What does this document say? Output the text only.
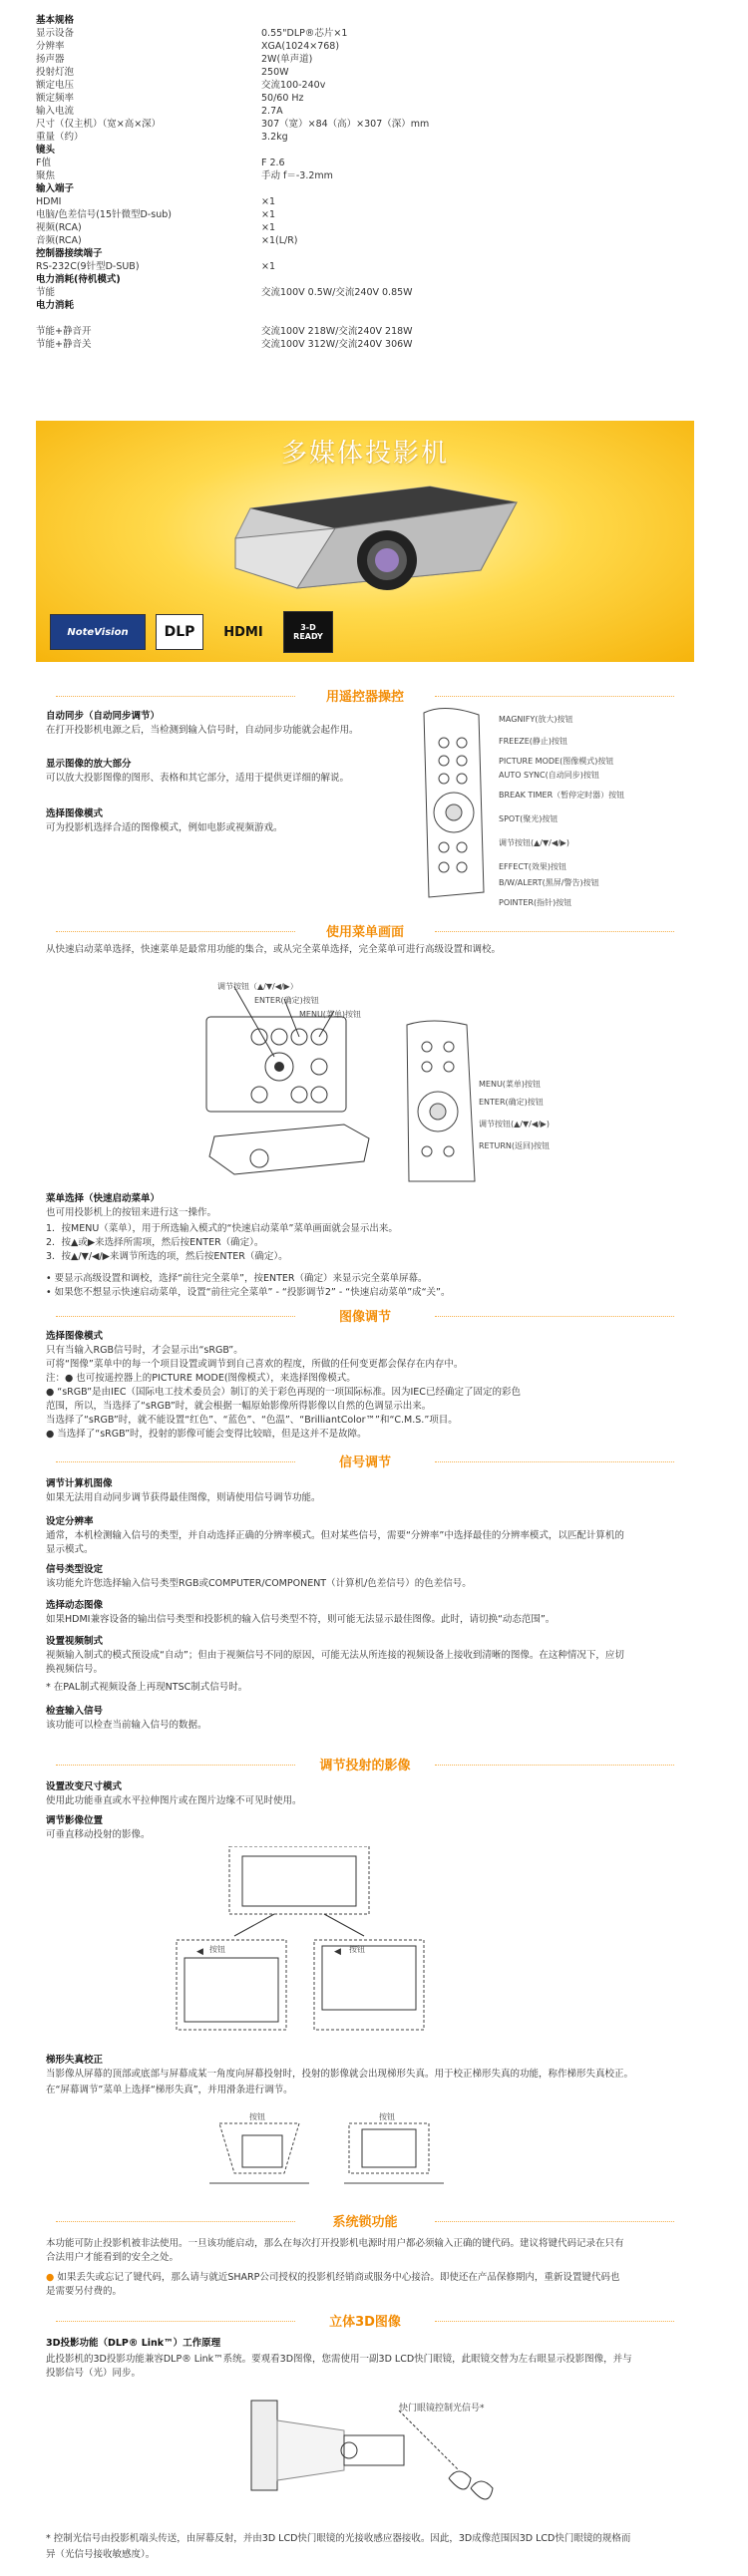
基本规格
显示设备	0.55"DLP®芯片×1
分辨率	XGA(1024×768)
扬声器	2W(单声道)
投射灯泡	250W
额定电压	交流100-240v
额定频率	50/60 Hz
输入电流	2.7A
尺寸（仅主机）（宽×高×深）	307（宽）×84（高）×307（深）mm
重量（约）	3.2kg
镜头
F值	F 2.6
聚焦	手动 f＝-3.2mm
输入端子
HDMI	×1
电脑/色差信号(15针微型D-sub)	×1
视频(RCA)	×1
音频(RCA)	×1(L/R)
控制器接续端子
RS-232C(9针型D-SUB)	×1
电力消耗(待机模式)
节能	交流100V 0.5W/交流240V 0.85W
电力消耗
节能+静音开	交流100V 218W/交流240V 218W
节能+静音关	交流100V 312W/交流240V 306W
多媒体投影机
NoteVision	DLP	HDMI	3-D READY
用遥控器操控
自动同步（自动同步调节）
在打开投影机电源之后，当检测到输入信号时，自动同步功能就会起作用。
显示图像的放大部分
可以放大投影图像的图形、表格和其它部分，适用于提供更详细的解说。
选择图像模式
可为投影机选择合适的图像模式，例如电影或视频游戏。
MAGNIFY(放大)按钮
FREEZE(静止)按钮
PICTURE MODE(图像模式)按钮
AUTO SYNC(自动同步)按钮
BREAK TIMER（暂停定时器）按钮
SPOT(聚光)按钮
调节按钮(▲/▼/◀/▶)
EFFECT(效果)按钮
B/W/ALERT(黑屏/警告)按钮
POINTER(指针)按钮
使用菜单画面
从快速启动菜单选择，快速菜单是最常用功能的集合，或从完全菜单选择，完全菜单可进行高级设置和调校。
调节按钮（▲/▼/◀/▶）
ENTER(确定)按钮
MENU(菜单)按钮
MENU(菜单)按钮
ENTER(确定)按钮
调节按钮(▲/▼/◀/▶)
RETURN(返回)按钮
菜单选择（快速启动菜单）
也可用投影机上的按钮来进行这一操作。
1．按MENU（菜单），用于所选输入模式的“快速启动菜单”菜单画面就会显示出来。
2．按▲或▶来选择所需项，然后按ENTER（确定）。
3．按▲/▼/◀/▶来调节所选的项，然后按ENTER（确定）。
• 要显示高级设置和调校，选择“前往完全菜单”，按ENTER（确定）来显示完全菜单屏幕。
• 如果您不想显示快速启动菜单，设置“前往完全菜单” - “投影调节2” - “快速启动菜单”成“关”。
图像调节
选择图像模式
只有当输入RGB信号时，才会显示出“sRGB”。
可将“图像”菜单中的每一个项目设置或调节到自己喜欢的程度，所做的任何变更都会保存在内存中。
注：● 也可按遥控器上的PICTURE MODE(图像模式），来选择图像模式。
● “sRGB”是由IEC（国际电工技术委员会）制订的关于彩色再现的一项国际标准。因为IEC已经确定了固定的彩色
范围，所以，当选择了“sRGB”时，就会根据一幅原始影像所得影像以自然的色调显示出来。
当选择了“sRGB”时，就不能设置“红色”、“蓝色”、“色温”、“BrilliantColor™”和“C.M.S.”项目。
● 当选择了“sRGB”时，投射的影像可能会变得比较暗，但是这并不是故障。
信号调节
调节计算机图像
如果无法用自动同步调节获得最佳图像，则请使用信号调节功能。
设定分辨率
通常，本机检测输入信号的类型，并自动选择正确的分辨率模式。但对某些信号，需要“分辨率”中选择最佳的分辨率模式，以匹配计算机的
显示模式。
信号类型设定
该功能允许您选择输入信号类型RGB或COMPUTER/COMPONENT（计算机/色差信号）的色差信号。
选择动态图像
如果HDMI兼容设备的输出信号类型和投影机的输入信号类型不符，则可能无法显示最佳图像。此时，请切换“动态范围”。
设置视频制式
视频输入制式的模式预设成“自动”；但由于视频信号不同的原因，可能无法从所连接的视频设备上接收到清晰的图像。在这种情况下，应切
换视频信号。
* 在PAL制式视频设备上再现NTSC制式信号时。
检查输入信号
该功能可以检查当前输入信号的数据。
调节投射的影像
设置改变尺寸模式
使用此功能垂直或水平拉伸图片或在图片边缘不可见时使用。
调节影像位置
可垂直移动投射的影像。
◀	◀
按钮	按钮
梯形失真校正
当影像从屏幕的顶部或底部与屏幕成某一角度向屏幕投射时，投射的影像就会出现梯形失真。用于校正梯形失真的功能，称作梯形失真校正。
在“屏幕调节”菜单上选择“梯形失真”，并用滑条进行调节。
按钮	按钮
系统锁功能
本功能可防止投影机被非法使用。一旦该功能启动，那么在每次打开投影机电源时用户都必须输入正确的键代码。建议将键代码记录在只有
合法用户才能看到的安全之处。
● 如果丢失或忘记了键代码，那么请与就近SHARP公司授权的投影机经销商或服务中心接洽。即使还在产品保修期内，重新设置键代码也
是需要另付费的。
立体3D图像
3D投影功能（DLP® Link™）工作原理
此投影机的3D投影功能兼容DLP® Link™系统。要观看3D图像，您需使用一副3D LCD快门眼镜，此眼镜交替为左右眼显示投影图像，并与
投影信号（光）同步。
快门眼镜控制光信号*
* 控制光信号由投影机端头传送，由屏幕反射，并由3D LCD快门眼镜的光接收感应器接收。因此，3D成像范围因3D LCD快门眼镜的规格而
异（光信号接收敏感度）。
